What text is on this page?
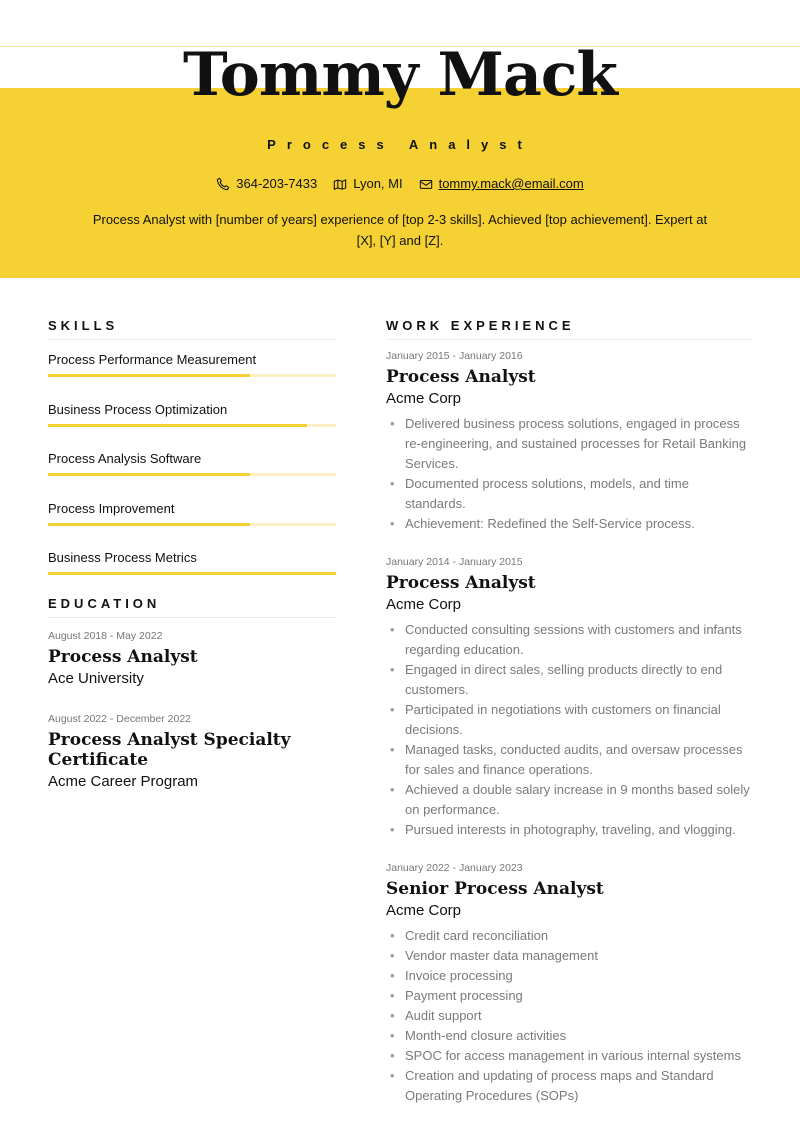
Tommy Mack
Process Analyst
364-203-7433	Lyon, MI	tommy.mack@email.com

Process Analyst with [number of years] experience of [top 2-3 skills]. Achieved [top achievement]. Expert at [X], [Y] and [Z].

SKILLS
Process Performance Measurement
Business Process Optimization
Process Analysis Software
Process Improvement
Business Process Metrics
EDUCATION
August 2018 - May 2022
Process Analyst
Ace University
August 2022 - December 2022
Process Analyst Specialty Certificate
Acme Career Program
WORK EXPERIENCE
January 2015 - January 2016
Process Analyst
Acme Corp
• Delivered business process solutions, engaged in process re-engineering, and sustained processes for Retail Banking Services.
• Documented process solutions, models, and time standards.
• Achievement: Redefined the Self-Service process.
January 2014 - January 2015
Process Analyst
Acme Corp
• Conducted consulting sessions with customers and infants regarding education.
• Engaged in direct sales, selling products directly to end customers.
• Participated in negotiations with customers on financial decisions.
• Managed tasks, conducted audits, and oversaw processes for sales and finance operations.
• Achieved a double salary increase in 9 months based solely on performance.
• Pursued interests in photography, traveling, and vlogging.
January 2022 - January 2023
Senior Process Analyst
Acme Corp
• Credit card reconciliation
• Vendor master data management
• Invoice processing
• Payment processing
• Audit support
• Month-end closure activities
• SPOC for access management in various internal systems
• Creation and updating of process maps and Standard Operating Procedures (SOPs)
